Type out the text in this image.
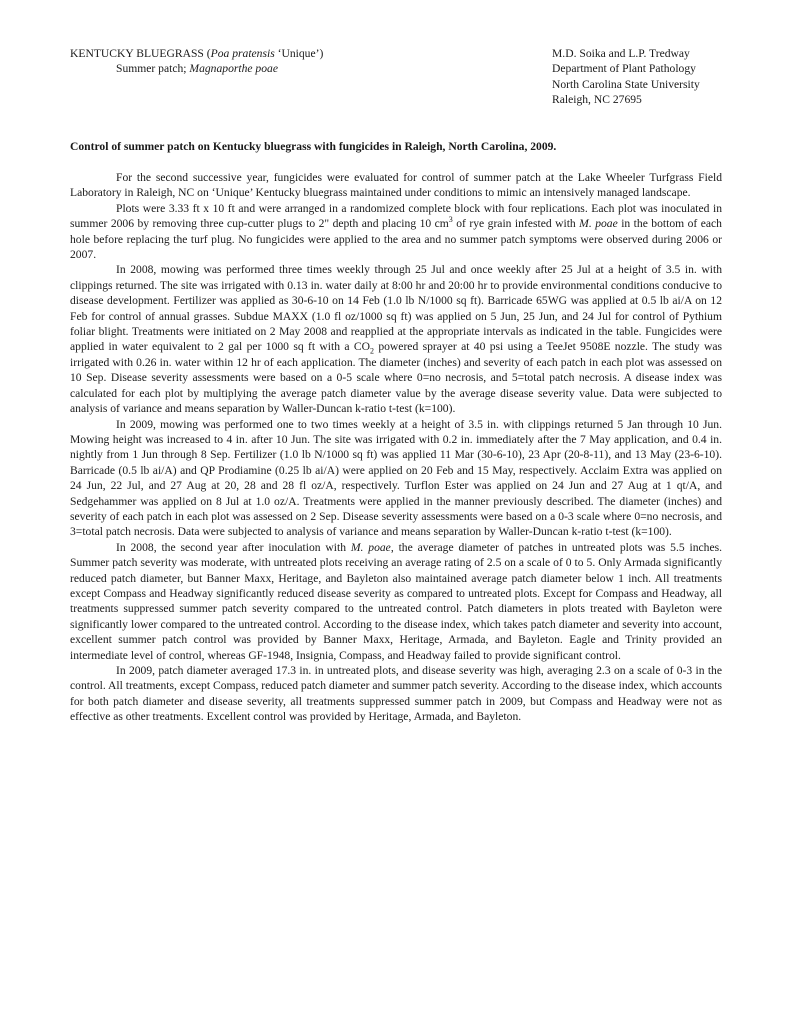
KENTUCKY BLUEGRASS (Poa pratensis ‘Unique’)
Summer patch; Magnaporthe poae
M.D. Soika and L.P. Tredway
Department of Plant Pathology
North Carolina State University
Raleigh, NC 27695
Control of summer patch on Kentucky bluegrass with fungicides in Raleigh, North Carolina, 2009.

For the second successive year, fungicides were evaluated for control of summer patch at the Lake Wheeler Turfgrass Field Laboratory in Raleigh, NC on ‘Unique’ Kentucky bluegrass maintained under conditions to mimic an intensively managed landscape.

Plots were 3.33 ft x 10 ft and were arranged in a randomized complete block with four replications. Each plot was inoculated in summer 2006 by removing three cup-cutter plugs to 2" depth and placing 10 $cm^3$ of rye grain infested with M. poae in the bottom of each hole before replacing the turf plug. No fungicides were applied to the area and no summer patch symptoms were observed during 2006 or 2007.

In 2008, mowing was performed three times weekly through 25 Jul and once weekly after 25 Jul at a height of 3.5 in. with clippings returned. The site was irrigated with 0.13 in. water daily at 8:00 hr and 20:00 hr to provide environmental conditions conducive to disease development. Fertilizer was applied as 30-6-10 on 14 Feb (1.0 lb N/1000 sq ft). Barricade 65WG was applied at 0.5 lb ai/A on 12 Feb for control of annual grasses. Subdue MAXX (1.0 fl oz/1000 sq ft) was applied on 5 Jun, 25 Jun, and 24 Jul for control of Pythium foliar blight. Treatments were initiated on 2 May 2008 and reapplied at the appropriate intervals as indicated in the table. Fungicides were applied in water equivalent to 2 gal per 1000 sq ft with a $CO_2$ powered sprayer at 40 psi using a TeeJet 9508E nozzle. The study was irrigated with 0.26 in. water within 12 hr of each application. The diameter (inches) and severity of each patch in each plot was assessed on 10 Sep. Disease severity assessments were based on a 0-5 scale where 0=no necrosis, and 5=total patch necrosis. A disease index was calculated for each plot by multiplying the average patch diameter value by the average disease severity value. Data were subjected to analysis of variance and means separation by Waller-Duncan k-ratio t-test (k=100).

In 2009, mowing was performed one to two times weekly at a height of 3.5 in. with clippings returned 5 Jan through 10 Jun. Mowing height was increased to 4 in. after 10 Jun. The site was irrigated with 0.2 in. immediately after the 7 May application, and 0.4 in. nightly from 1 Jun through 8 Sep. Fertilizer (1.0 lb N/1000 sq ft) was applied 11 Mar (30-6-10), 23 Apr (20-8-11), and 13 May (23-6-10). Barricade (0.5 lb ai/A) and QP Prodiamine (0.25 lb ai/A) were applied on 20 Feb and 15 May, respectively. Acclaim Extra was applied on 24 Jun, 22 Jul, and 27 Aug at 20, 28 and 28 fl oz/A, respectively. Turflon Ester was applied on 24 Jun and 27 Aug at 1 qt/A, and Sedgehammer was applied on 8 Jul at 1.0 oz/A. Treatments were applied in the manner previously described. The diameter (inches) and severity of each patch in each plot was assessed on 2 Sep. Disease severity assessments were based on a 0-3 scale where 0=no necrosis, and 3=total patch necrosis. Data were subjected to analysis of variance and means separation by Waller-Duncan k-ratio t-test (k=100).

In 2008, the second year after inoculation with M. poae, the average diameter of patches in untreated plots was 5.5 inches. Summer patch severity was moderate, with untreated plots receiving an average rating of 2.5 on a scale of 0 to 5. Only Armada significantly reduced patch diameter, but Banner Maxx, Heritage, and Bayleton also maintained average patch diameter below 1 inch. All treatments except Compass and Headway significantly reduced disease severity as compared to untreated plots. Except for Compass and Headway, all treatments suppressed summer patch severity compared to the untreated control. Patch diameters in plots treated with Bayleton were significantly lower compared to the untreated control. According to the disease index, which takes patch diameter and severity into account, excellent summer patch control was provided by Banner Maxx, Heritage, Armada, and Bayleton. Eagle and Trinity provided an intermediate level of control, whereas GF-1948, Insignia, Compass, and Headway failed to provide significant control.

In 2009, patch diameter averaged 17.3 in. in untreated plots, and disease severity was high, averaging 2.3 on a scale of 0-3 in the control. All treatments, except Compass, reduced patch diameter and summer patch severity. According to the disease index, which accounts for both patch diameter and disease severity, all treatments suppressed summer patch in 2009, but Compass and Headway were not as effective as other treatments. Excellent control was provided by Heritage, Armada, and Bayleton.
